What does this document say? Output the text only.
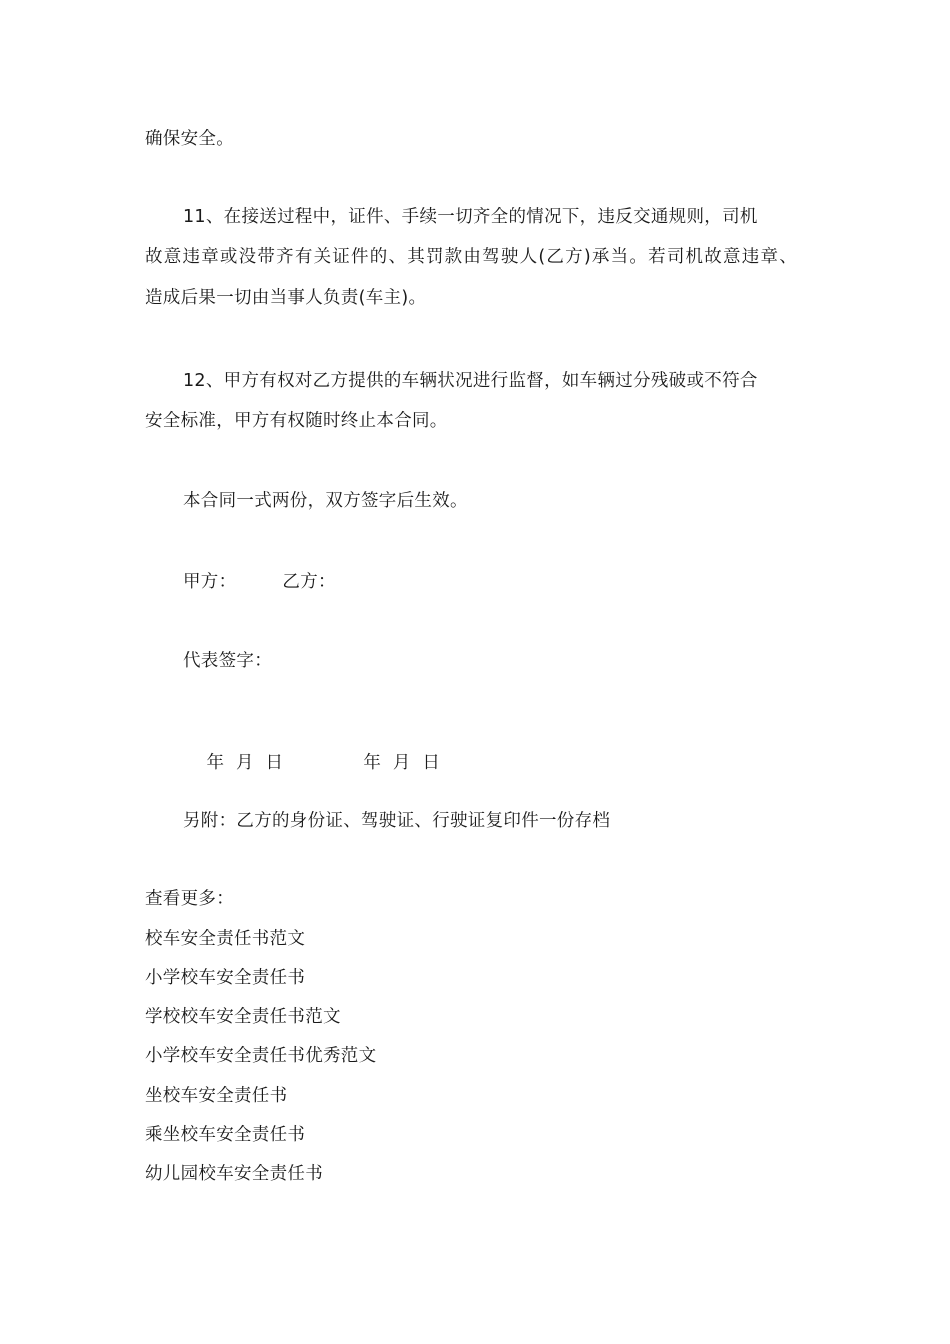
确保安全。
11、在接送过程中，证件、手续一切齐全的情况下，违反交通规则，司机
故意违章或没带齐有关证件的、其罚款由驾驶人(乙方)承当。若司机故意违章、
造成后果一切由当事人负责(车主)。
12、甲方有权对乙方提供的车辆状况进行监督，如车辆过分残破或不符合
安全标准，甲方有权随时终止本合同。
本合同一式两份，双方签字后生效。
甲方：	乙方：
代表签字：

年  月  日	年  月  日

另附：乙方的身份证、驾驶证、行驶证复印件一份存档
查看更多：
校车安全责任书范文
小学校车安全责任书
学校校车安全责任书范文
小学校车安全责任书优秀范文
坐校车安全责任书
乘坐校车安全责任书
幼儿园校车安全责任书
